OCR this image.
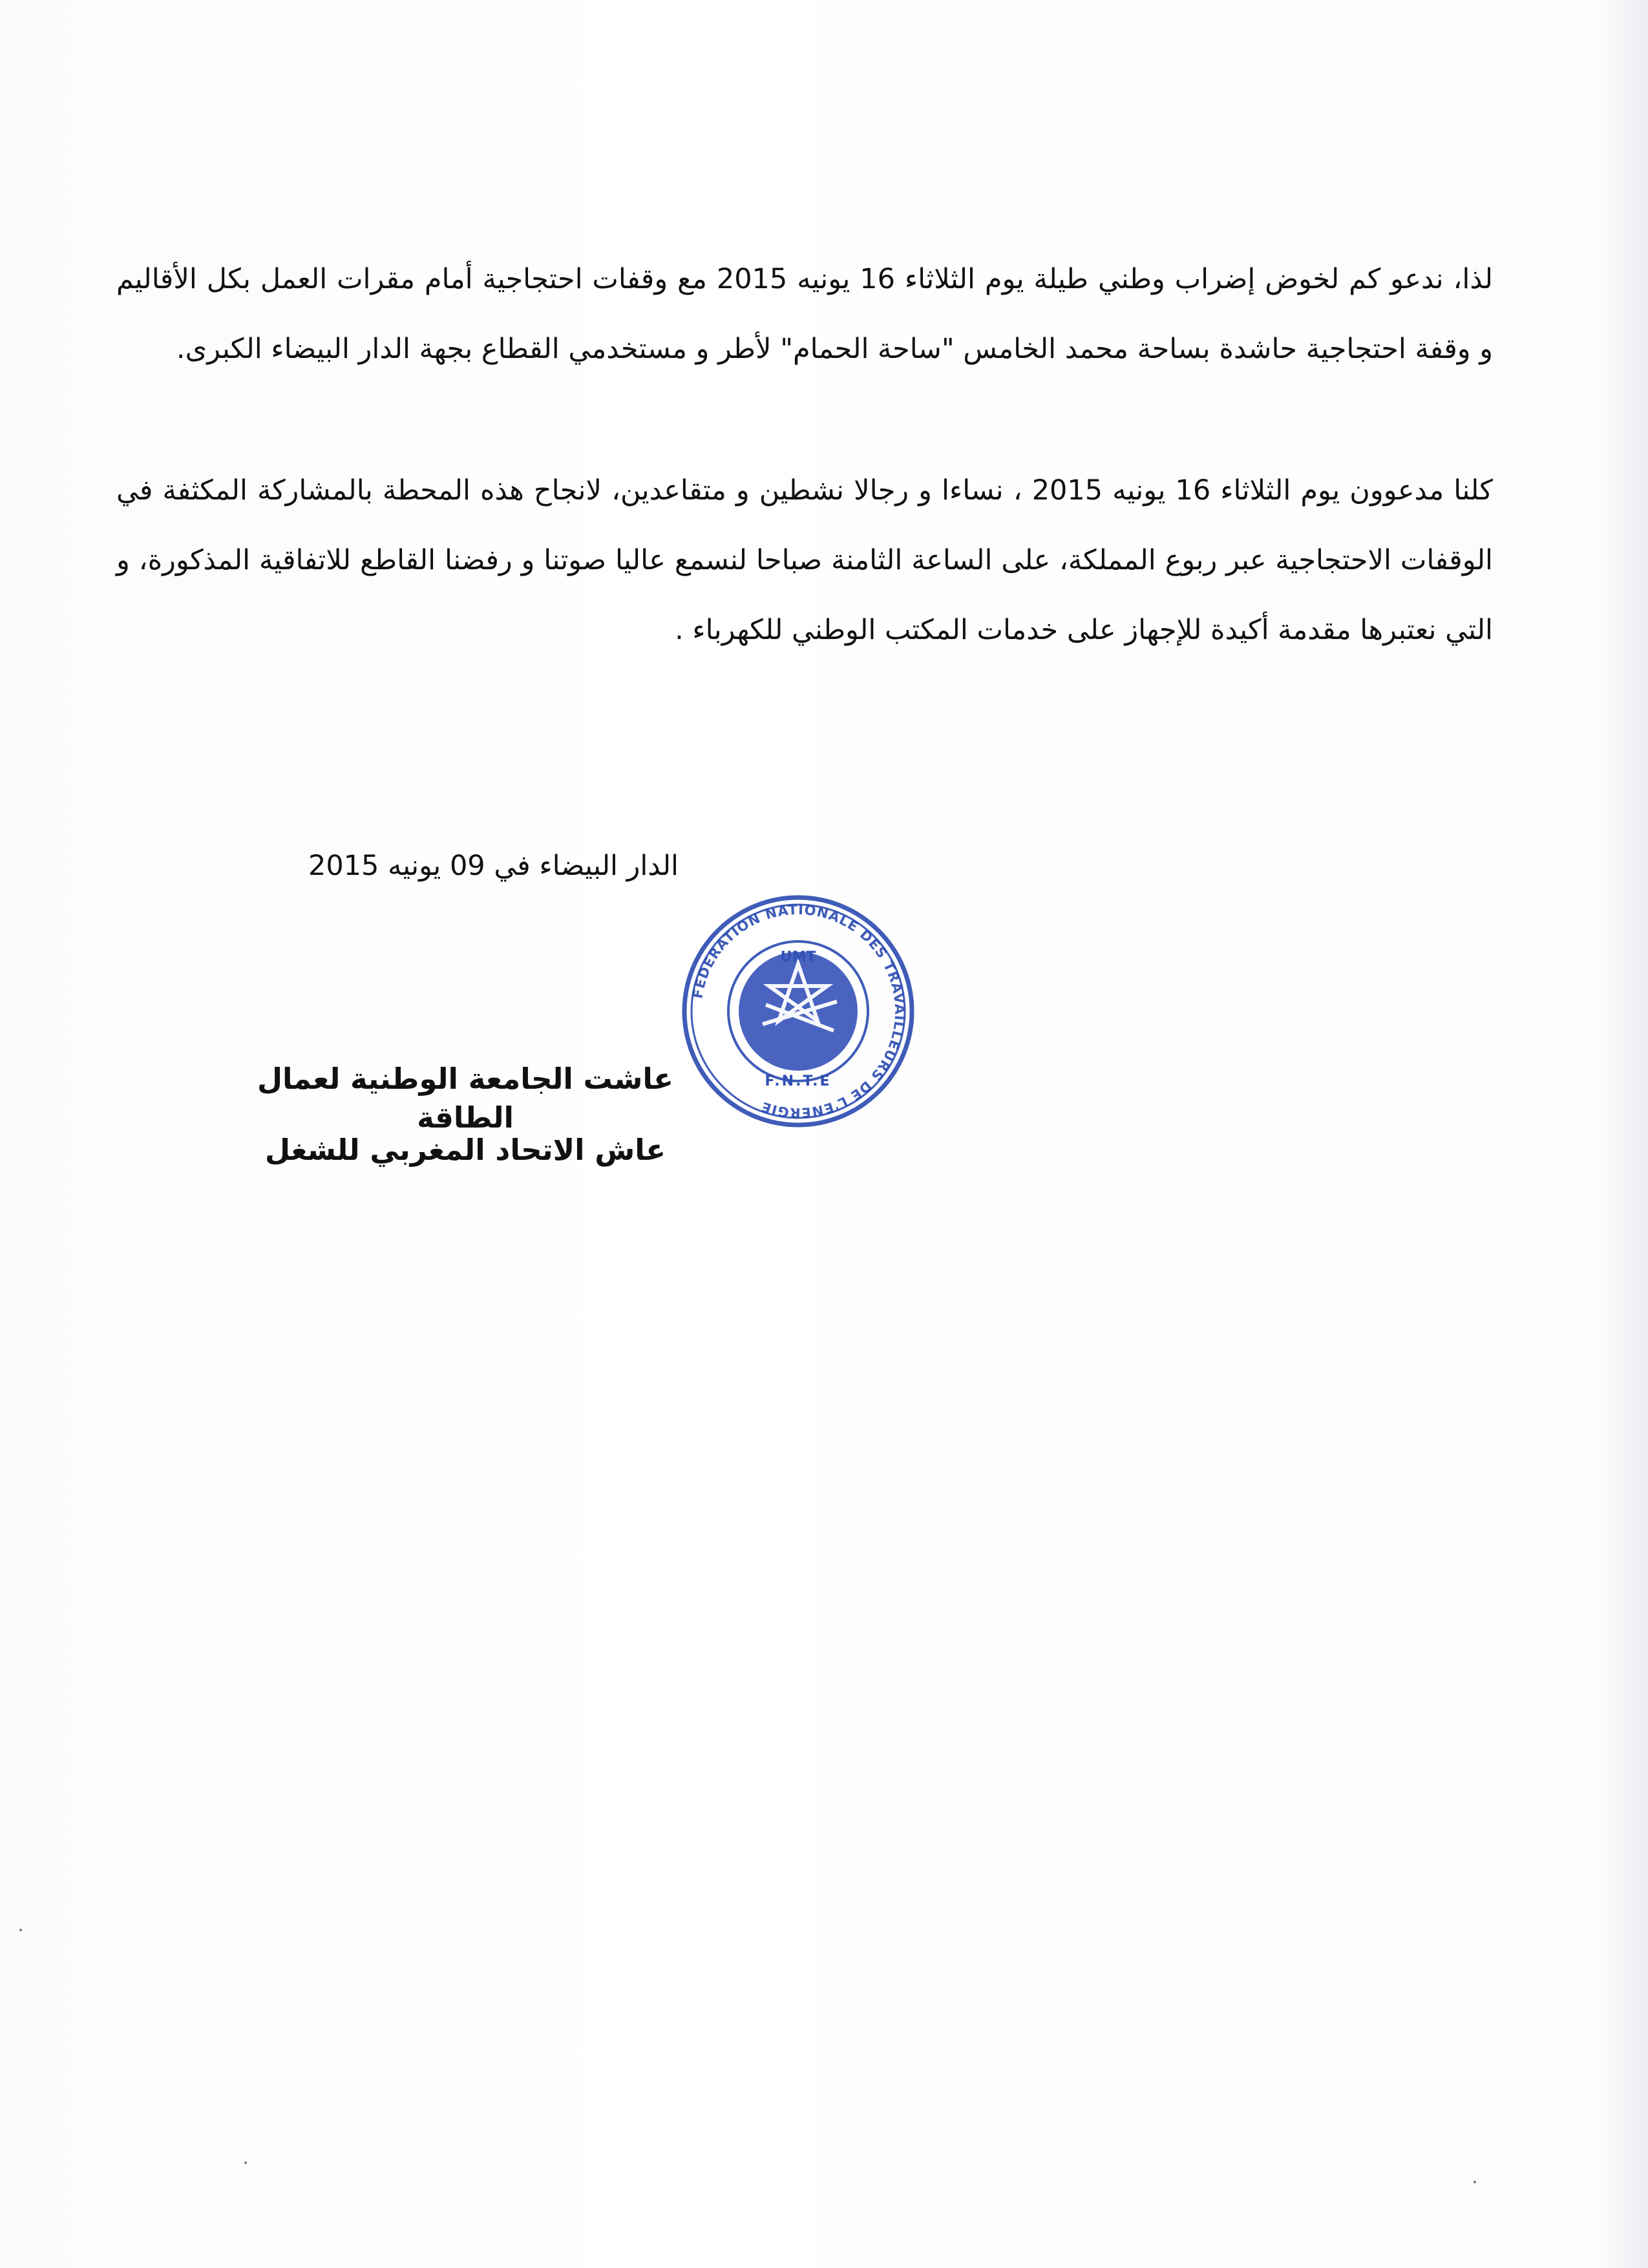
لذا، ندعو كم لخوض إضراب وطني طيلة يوم الثلاثاء 16 يونيه 2015 مع وقفات احتجاجية أمام مقرات العمل بكل الأقاليم و وقفة احتجاجية حاشدة بساحة محمد الخامس "ساحة الحمام" لأطر و مستخدمي القطاع بجهة الدار البيضاء الكبرى.

كلنا مدعوون يوم الثلاثاء 16 يونيه 2015 ، نساءا و رجالا نشطين و متقاعدين، لانجاح هذه المحطة بالمشاركة المكثفة في الوقفات الاحتجاجية عبر ربوع المملكة، على الساعة الثامنة صباحا لنسمع عاليا صوتنا و رفضنا القاطع للاتفاقية المذكورة، و التي نعتبرها مقدمة أكيدة للإجهاز على خدمات المكتب الوطني للكهرباء .

الدار البيضاء في 09 يونيه 2015
FEDERATION NATIONALE DES TRAVAILLEURS DE L'ENERGIE
UMT
F.N.T.E
عاشت الجامعة الوطنية لعمال الطاقة
عاش الاتحاد المغربي للشغل
